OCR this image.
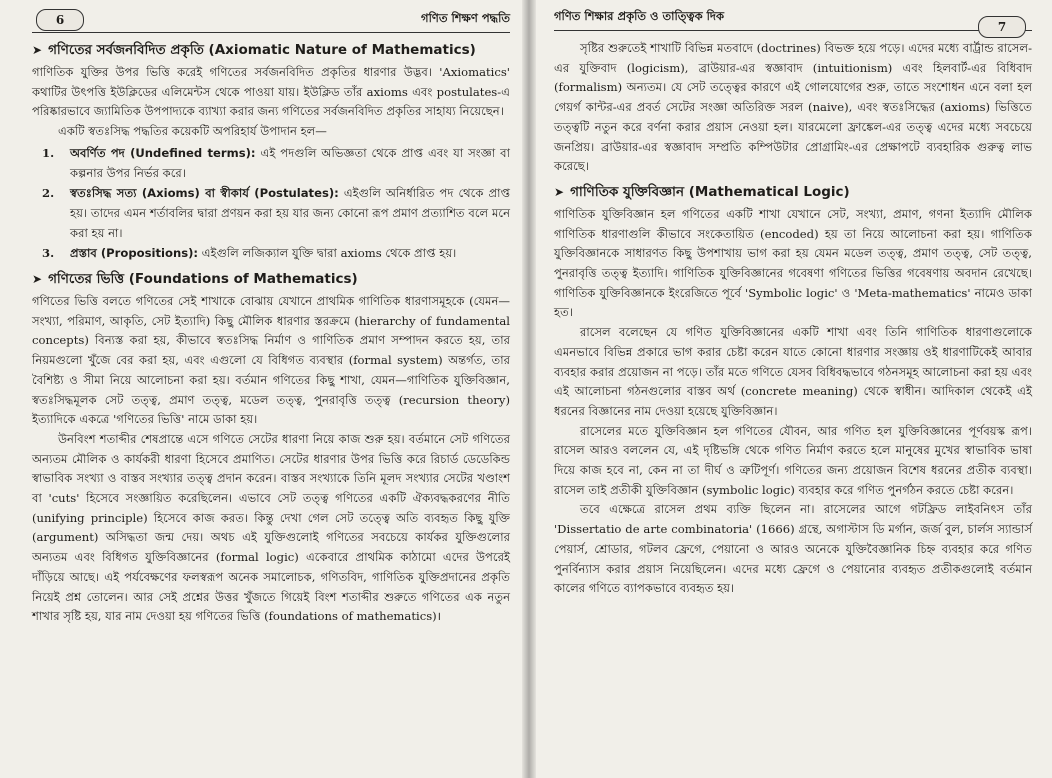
6	গণিত শিক্ষণ পদ্ধতি
➤ গণিতের সর্বজনবিদিত প্রকৃতি (Axiomatic Nature of Mathematics)

গাণিতিক যুক্তির উপর ভিত্তি করেই গণিতের সর্বজনবিদিত প্রকৃতির ধারণার উদ্ভব। 'Axiomatics' কথাটির উৎপত্তি ইউক্লিডের এলিমেন্টস থেকে পাওয়া যায়। ইউক্লিড তাঁর axioms এবং postulates-এ পরিষ্কারভাবে জ্যামিতিক উপপাদ্যকে ব্যাখ্যা করার জন্য গণিতের সর্বজনবিদিত প্রকৃতির সাহায্য নিয়েছেন।

একটি স্বতঃসিদ্ধ পদ্ধতির কয়েকটি অপরিহার্য উপাদান হল—

1.	অবর্ণিত পদ (Undefined terms): এই পদগুলি অভিজ্ঞতা থেকে প্রাপ্ত এবং যা সংজ্ঞা বা কল্পনার উপর নির্ভর করে।
2.	স্বতঃসিদ্ধ সত্য (Axioms) বা স্বীকার্য (Postulates): এইগুলি অনির্ধারিত পদ থেকে প্রাপ্ত হয়। তাদের এমন শর্তাবলির দ্বারা প্রণয়ন করা হয় যার জন্য কোনো রূপ প্রমাণ প্রত্যাশিত বলে মনে করা হয় না।
3.	প্রস্তাব (Propositions): এইগুলি লজিক্যাল যুক্তি দ্বারা axioms থেকে প্রাপ্ত হয়।
➤ গণিতের ভিত্তি (Foundations of Mathematics)

গণিতের ভিত্তি বলতে গণিতের সেই শাখাকে বোঝায় যেখানে প্রাথমিক গাণিতিক ধারণাসমূহকে (যেমন— সংখ্যা, পরিমাণ, আকৃতি, সেট ইত্যাদি) কিছু মৌলিক ধারণার স্তরক্রমে (hierarchy of fundamental concepts) বিন্যস্ত করা হয়, কীভাবে স্বতঃসিদ্ধ নির্মাণ ও গাণিতিক প্রমাণ সম্পাদন করতে হয়, তার নিয়মগুলো খুঁজে বের করা হয়, এবং এগুলো যে বিধিগত ব্যবস্থার (formal system) অন্তর্গত, তার বৈশিষ্ট্য ও সীমা নিয়ে আলোচনা করা হয়। বর্তমান গণিতের কিছু শাখা, যেমন—গাণিতিক যুক্তিবিজ্ঞান, স্বতঃসিদ্ধমূলক সেট তত্ত্ব, প্রমাণ তত্ত্ব, মডেল তত্ত্ব, পুনরাবৃত্তি তত্ত্ব (recursion theory) ইত্যাদিকে একত্রে 'গণিতের ভিত্তি' নামে ডাকা হয়।

উনবিংশ শতাব্দীর শেষপ্রান্তে এসে গণিতে সেটের ধারণা নিয়ে কাজ শুরু হয়। বর্তমানে সেট গণিতের অন্যতম মৌলিক ও কার্যকরী ধারণা হিসেবে প্রমাণিত। সেটের ধারণার উপর ভিত্তি করে রিচার্ড ডেডেকিন্ড স্বাভাবিক সংখ্যা ও বাস্তব সংখ্যার তত্ত্ব প্রদান করেন। বাস্তব সংখ্যাকে তিনি মূলদ সংখ্যার সেটের খণ্ডাংশ বা 'cuts' হিসেবে সংজ্ঞায়িত করেছিলেন। এভাবে সেট তত্ত্ব গণিতের একটি ঐক্যবদ্ধকরণের নীতি (unifying principle) হিসেবে কাজ করত। কিন্তু দেখা গেল সেট তত্ত্বে অতি ব্যবহৃত কিছু যুক্তি (argument) অসিদ্ধতা জন্ম দেয়। অথচ এই যুক্তিগুলোই গণিতের সবচেয়ে কার্যকর যুক্তিগুলোর অন্যতম এবং বিধিগত যুক্তিবিজ্ঞানের (formal logic) একেবারে প্রাথমিক কাঠামো এদের উপরেই দাঁড়িয়ে আছে। এই পর্যবেক্ষণের ফলস্বরূপ অনেক সমালোচক, গণিতবিদ, গাণিতিক যুক্তিপ্রদানের প্রকৃতি নিয়েই প্রশ্ন তোলেন। আর সেই প্রশ্নের উত্তর খুঁজতে গিয়েই বিংশ শতাব্দীর শুরুতে গণিতের এক নতুন শাখার সৃষ্টি হয়, যার নাম দেওয়া হয় গণিতের ভিত্তি (foundations of mathematics)।

গণিত শিক্ষার প্রকৃতি ও তাত্ত্বিক দিক
7

সৃষ্টির শুরুতেই শাখাটি বিভিন্ন মতবাদে (doctrines) বিভক্ত হয়ে পড়ে। এদের মধ্যে বার্ট্রান্ড রাসেল-এর যুক্তিবাদ (logicism), ব্রাউয়ার-এর স্বজ্ঞাবাদ (intuitionism) এবং হিলবার্ট-এর বিধিবাদ (formalism) অন্যতম। যে সেট তত্ত্বের কারণে এই গোলযোগের শুরু, তাতে সংশোধন এনে বলা হল গেয়র্গ কান্টর-এর প্রবর্ত সেটের সংজ্ঞা অতিরিক্ত সরল (naive), এবং স্বতঃসিদ্ধের (axioms) ভিত্তিতে তত্ত্বটি নতুন করে বর্ণনা করার প্রয়াস নেওয়া হল। যারমেলো ফ্রাঙ্কেল-এর তত্ত্ব এদের মধ্যে সবচেয়ে জনপ্রিয়। ব্রাউয়ার-এর স্বজ্ঞাবাদ সম্প্রতি কম্পিউটার প্রোগ্রামিং-এর প্রেক্ষাপটে ব্যবহারিক গুরুত্ব লাভ করেছে।

➤ গাণিতিক যুক্তিবিজ্ঞান (Mathematical Logic)

গাণিতিক যুক্তিবিজ্ঞান হল গণিতের একটি শাখা যেখানে সেট, সংখ্যা, প্রমাণ, গণনা ইত্যাদি মৌলিক গাণিতিক ধারণাগুলি কীভাবে সংকেতায়িত (encoded) হয় তা নিয়ে আলোচনা করা হয়। গাণিতিক যুক্তিবিজ্ঞানকে সাধারণত কিছু উপশাখায় ভাগ করা হয় যেমন মডেল তত্ত্ব, প্রমাণ তত্ত্ব, সেট তত্ত্ব, পুনরাবৃত্তি তত্ত্ব ইত্যাদি। গাণিতিক যুক্তিবিজ্ঞানের গবেষণা গণিতের ভিত্তির গবেষণায় অবদান রেখেছে। গাণিতিক যুক্তিবিজ্ঞানকে ইংরেজিতে পূর্বে 'Symbolic logic' ও 'Meta-mathematics' নামেও ডাকা হত।

রাসেল বলেছেন যে গণিত যুক্তিবিজ্ঞানের একটি শাখা এবং তিনি গাণিতিক ধারণাগুলোকে এমনভাবে বিভিন্ন প্রকারে ভাগ করার চেষ্টা করেন যাতে কোনো ধারণার সংজ্ঞায় ওই ধারণাটিকেই আবার ব্যবহার করার প্রয়োজন না পড়ে। তাঁর মতে গণিতে যেসব বিধিবদ্ধভাবে গঠনসমূহ আলোচনা করা হয় এবং এই আলোচনা গঠনগুলোর বাস্তব অর্থ (concrete meaning) থেকে স্বাধীন। আদিকাল থেকেই এই ধরনের বিজ্ঞানের নাম দেওয়া হয়েছে যুক্তিবিজ্ঞান।

রাসেলের মতে যুক্তিবিজ্ঞান হল গণিতের যৌবন, আর গণিত হল যুক্তিবিজ্ঞানের পূর্ণবয়স্ক রূপ। রাসেল আরও বললেন যে, এই দৃষ্টিভঙ্গি থেকে গণিত নির্মাণ করতে হলে মানুষের মুখের স্বাভাবিক ভাষা দিয়ে কাজ হবে না, কেন না তা দীর্ঘ ও ত্রুটিপূর্ণ। গণিতের জন্য প্রয়োজন বিশেষ ধরনের প্রতীক ব্যবস্থা। রাসেল তাই প্রতীকী যুক্তিবিজ্ঞান (symbolic logic) ব্যবহার করে গণিত পুনর্গঠন করতে চেষ্টা করেন।

তবে এক্ষেত্রে রাসেল প্রথম ব্যক্তি ছিলেন না। রাসেলের আগে গটফ্রিড লাইবনিৎস তাঁর 'Dissertatio de arte combinatoria' (1666) গ্রন্থে, অগাস্টাস ডি মর্গান, জর্জ বুল, চার্লস স্যান্ডার্স পেয়ার্স, শ্রোডার, গটলব ফ্রেগে, পেয়ানো ও আরও অনেকে যুক্তিবৈজ্ঞানিক চিহ্ন ব্যবহার করে গণিত পুনর্বিন্যাস করার প্রয়াস নিয়েছিলেন। এদের মধ্যে ফ্রেগে ও পেয়ানোর ব্যবহৃত প্রতীকগুলোই বর্তমান কালের গণিতে ব্যাপকভাবে ব্যবহৃত হয়।
